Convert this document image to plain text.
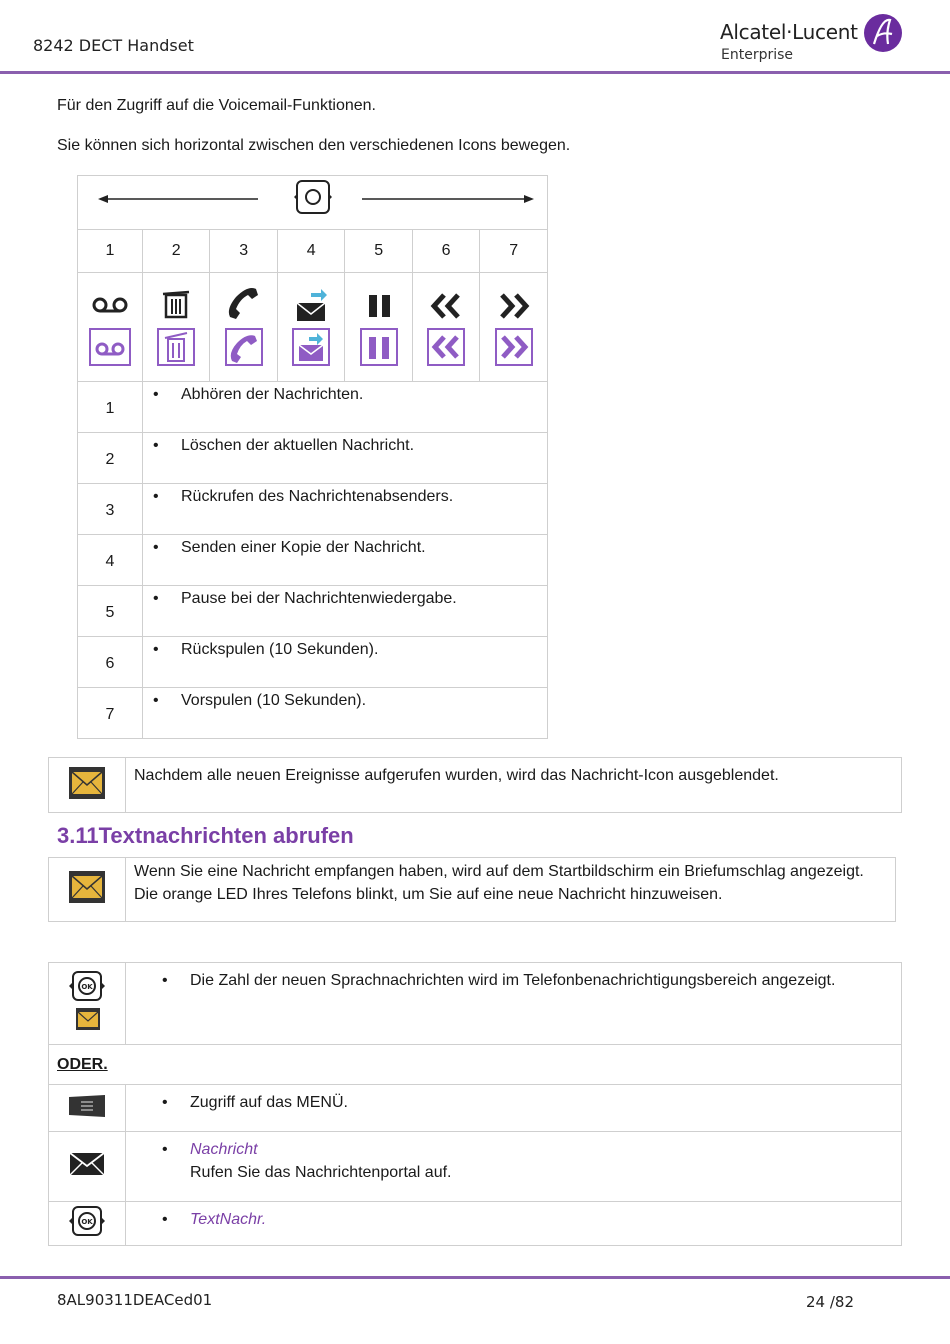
8242 DECT Handset
Alcatel·Lucent
Enterprise
Für den Zugriff auf die Voicemail-Funktionen.
Sie können sich horizontal zwischen den verschiedenen Icons bewegen.

1	2	3	4	5	6	7

1	• Abhören der Nachrichten.					
2	• Löschen der aktuellen Nachricht.					
3	• Rückrufen des Nachrichtenabsenders.					
4	• Senden einer Kopie der Nachricht.					
5	• Pause bei der Nachrichtenwiedergabe.					
6	• Rückspulen (10 Sekunden).					
7	• Vorspulen (10 Sekunden).					
	Nachdem alle neuen Ereignisse aufgerufen wurden, wird das Nachricht-Icon ausgeblendet.
3.11Textnachrichten abrufen
	Wenn Sie eine Nachricht empfangen haben, wird auf dem Startbildschirm ein Briefumschlag angezeigt. Die orange LED Ihres Telefons blinkt, um Sie auf eine neue Nachricht hinzuweisen.
OK	• Die Zahl der neuen Sprachnachrichten wird im Telefonbenachrichtigungsbereich angezeigt.

ODER.	
	• Zugriff auf das MENÜ.

• Nachricht
Rufen Sie das Nachrichtenportal auf.

OK	• TextNachr.
8AL90311DEACed01	24 /82
